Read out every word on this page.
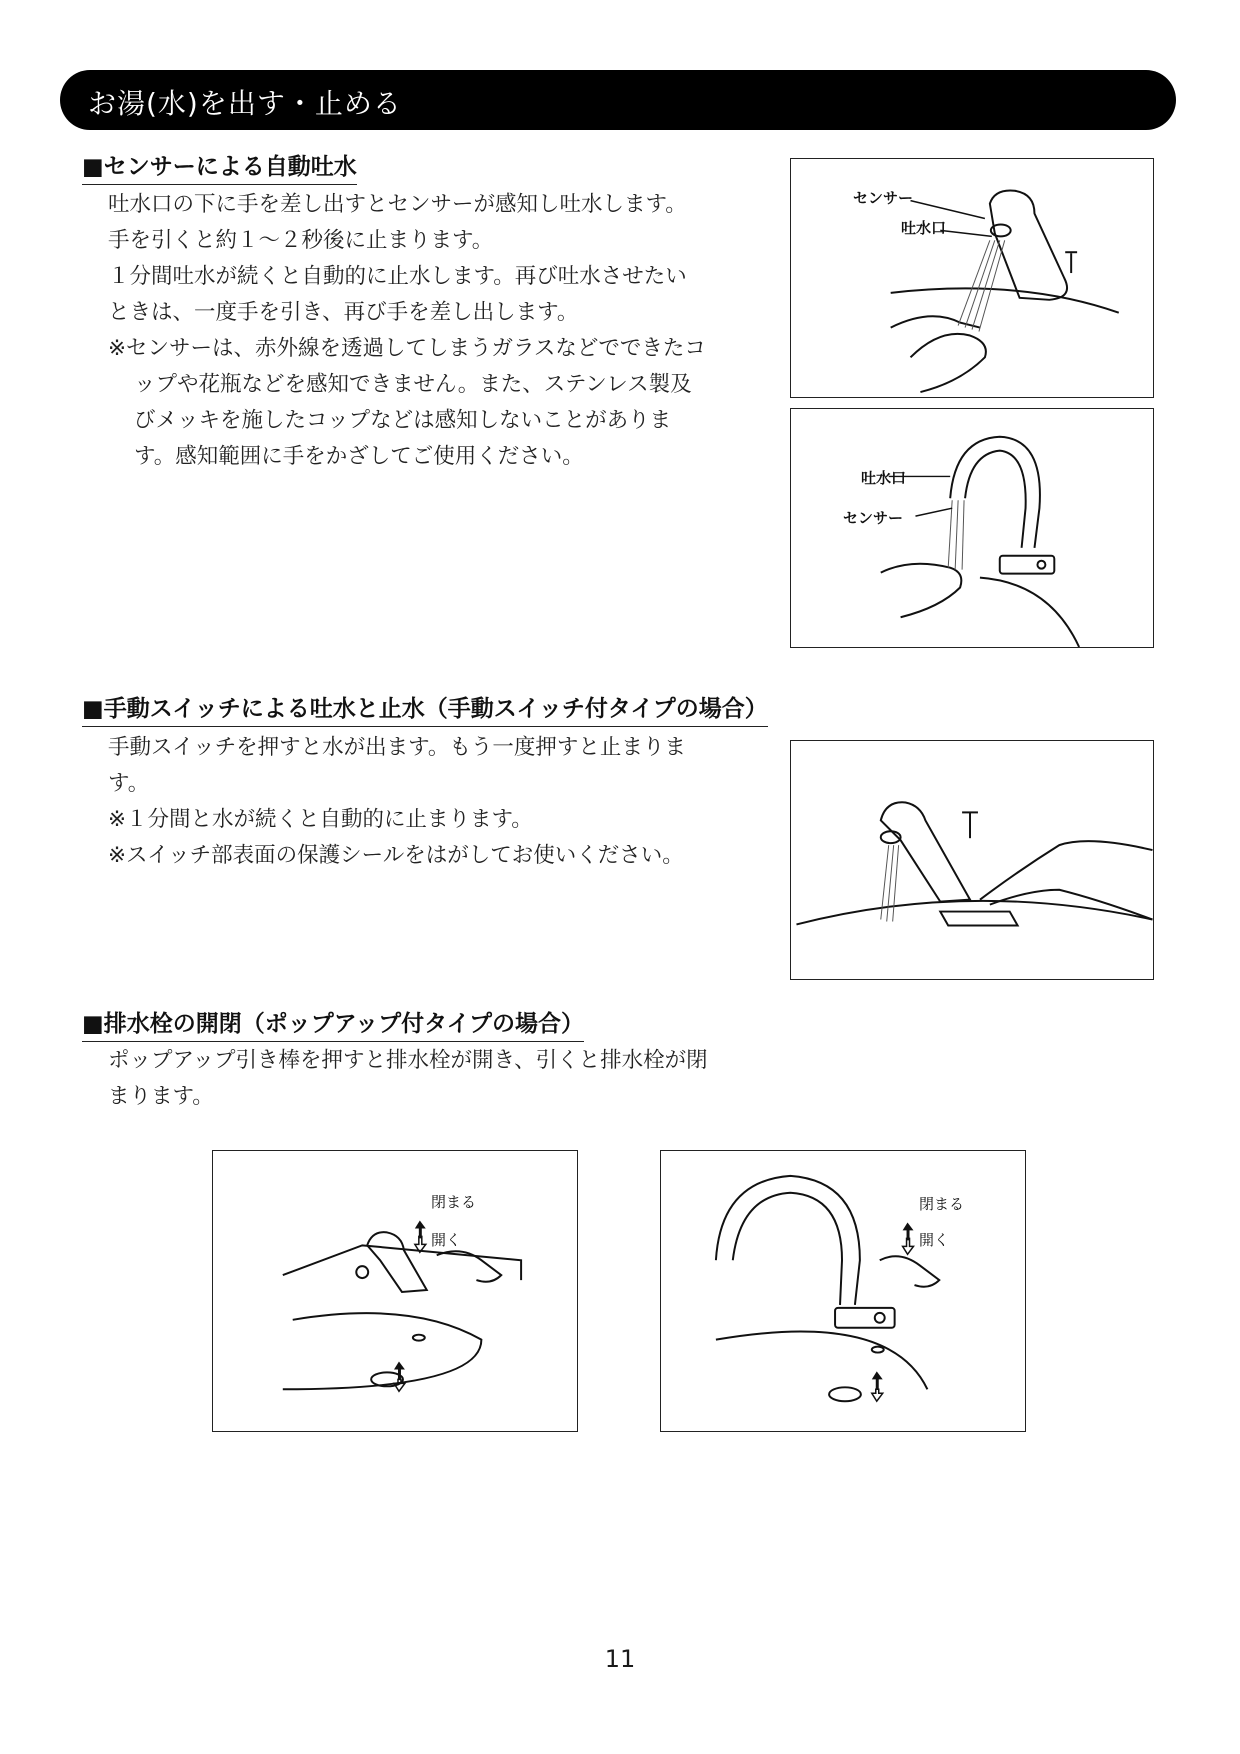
お湯(水)を出す・止める
■センサーによる自動吐水

吐水口の下に手を差し出すとセンサーが感知し吐水します。手を引くと約１～２秒後に止まります。

１分間吐水が続くと自動的に止水します。再び吐水させたいときは、一度手を引き、再び手を差し出します。

※センサーは、赤外線を透過してしまうガラスなどでできたコップや花瓶などを感知できません。また、ステンレス製及びメッキを施したコップなどは感知しないことがあります。感知範囲に手をかざしてご使用ください。

センサー
吐水口
吐水口
センサー
■手動スイッチによる吐水と止水（手動スイッチ付タイプの場合）

手動スイッチを押すと水が出ます。もう一度押すと止まります。

※１分間と水が続くと自動的に止まります。

※スイッチ部表面の保護シールをはがしてお使いください。

■排水栓の開閉（ポップアップ付タイプの場合）

ポップアップ引き棒を押すと排水栓が開き、引くと排水栓が閉まります。

閉まる
開く
閉まる
開く
11
